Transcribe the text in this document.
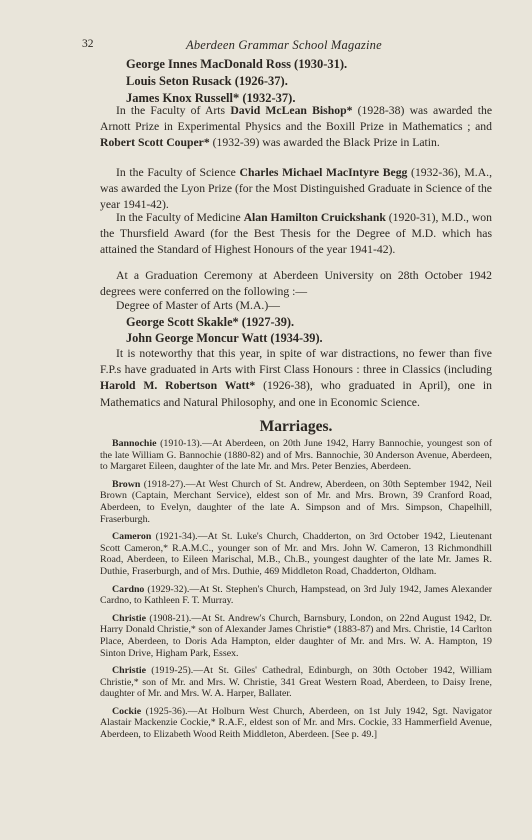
32	Aberdeen Grammar School Magazine
George Innes MacDonald Ross (1930-31).
Louis Seton Rusack (1926-37).
James Knox Russell* (1932-37).

In the Faculty of Arts David McLean Bishop* (1928-38) was awarded the Arnott Prize in Experimental Physics and the Boxill Prize in Mathematics ; and Robert Scott Couper* (1932-39) was awarded the Black Prize in Latin.

In the Faculty of Science Charles Michael MacIntyre Begg (1932-36), M.A., was awarded the Lyon Prize (for the Most Distinguished Graduate in Science of the year 1941-42).

In the Faculty of Medicine Alan Hamilton Cruickshank (1920-31), M.D., won the Thursfield Award (for the Best Thesis for the Degree of M.D. which has attained the Standard of Highest Honours of the year 1941-42).

At a Graduation Ceremony at Aberdeen University on 28th October 1942 degrees were conferred on the following :—

Degree of Master of Arts (M.A.)—
George Scott Skakle* (1927-39).
John George Moncur Watt (1934-39).

It is noteworthy that this year, in spite of war distractions, no fewer than five F.P.s have graduated in Arts with First Class Honours : three in Classics (including Harold M. Robertson Watt* (1926-38), who graduated in April), one in Mathematics and Natural Philosophy, and one in Economic Science.

Marriages.

Bannochie (1910-13).—At Aberdeen, on 20th June 1942, Harry Bannochie, youngest son of the late William G. Bannochie (1880-82) and of Mrs. Bannochie, 30 Anderson Avenue, Aberdeen, to Margaret Eileen, daughter of the late Mr. and Mrs. Peter Benzies, Aberdeen.

Brown (1918-27).—At West Church of St. Andrew, Aberdeen, on 30th September 1942, Neil Brown (Captain, Merchant Service), eldest son of Mr. and Mrs. Brown, 39 Cranford Road, Aberdeen, to Evelyn, daughter of the late A. Simpson and of Mrs. Simpson, Chapelhill, Fraserburgh.

Cameron (1921-34).—At St. Luke's Church, Chadderton, on 3rd October 1942, Lieutenant Scott Cameron,* R.A.M.C., younger son of Mr. and Mrs. John W. Cameron, 13 Richmondhill Road, Aberdeen, to Eileen Marischal, M.B., Ch.B., youngest daughter of the late Mr. James R. Duthie, Fraserburgh, and of Mrs. Duthie, 469 Middleton Road, Chadderton, Oldham.

Cardno (1929-32).—At St. Stephen's Church, Hampstead, on 3rd July 1942, James Alexander Cardno, to Kathleen F. T. Murray.

Christie (1908-21).—At St. Andrew's Church, Barnsbury, London, on 22nd August 1942, Dr. Harry Donald Christie,* son of Alexander James Christie* (1883-87) and Mrs. Christie, 14 Carlton Place, Aberdeen, to Doris Ada Hampton, elder daughter of Mr. and Mrs. W. A. Hampton, 19 Sinton Drive, Higham Park, Essex.

Christie (1919-25).—At St. Giles' Cathedral, Edinburgh, on 30th October 1942, William Christie,* son of Mr. and Mrs. W. Christie, 341 Great Western Road, Aberdeen, to Daisy Irene, daughter of Mr. and Mrs. W. A. Harper, Ballater.

Cockie (1925-36).—At Holburn West Church, Aberdeen, on 1st July 1942, Sgt. Navigator Alastair Mackenzie Cockie,* R.A.F., eldest son of Mr. and Mrs. Cockie, 33 Hammerfield Avenue, Aberdeen, to Elizabeth Wood Reith Middleton, Aberdeen. [See p. 49.]
